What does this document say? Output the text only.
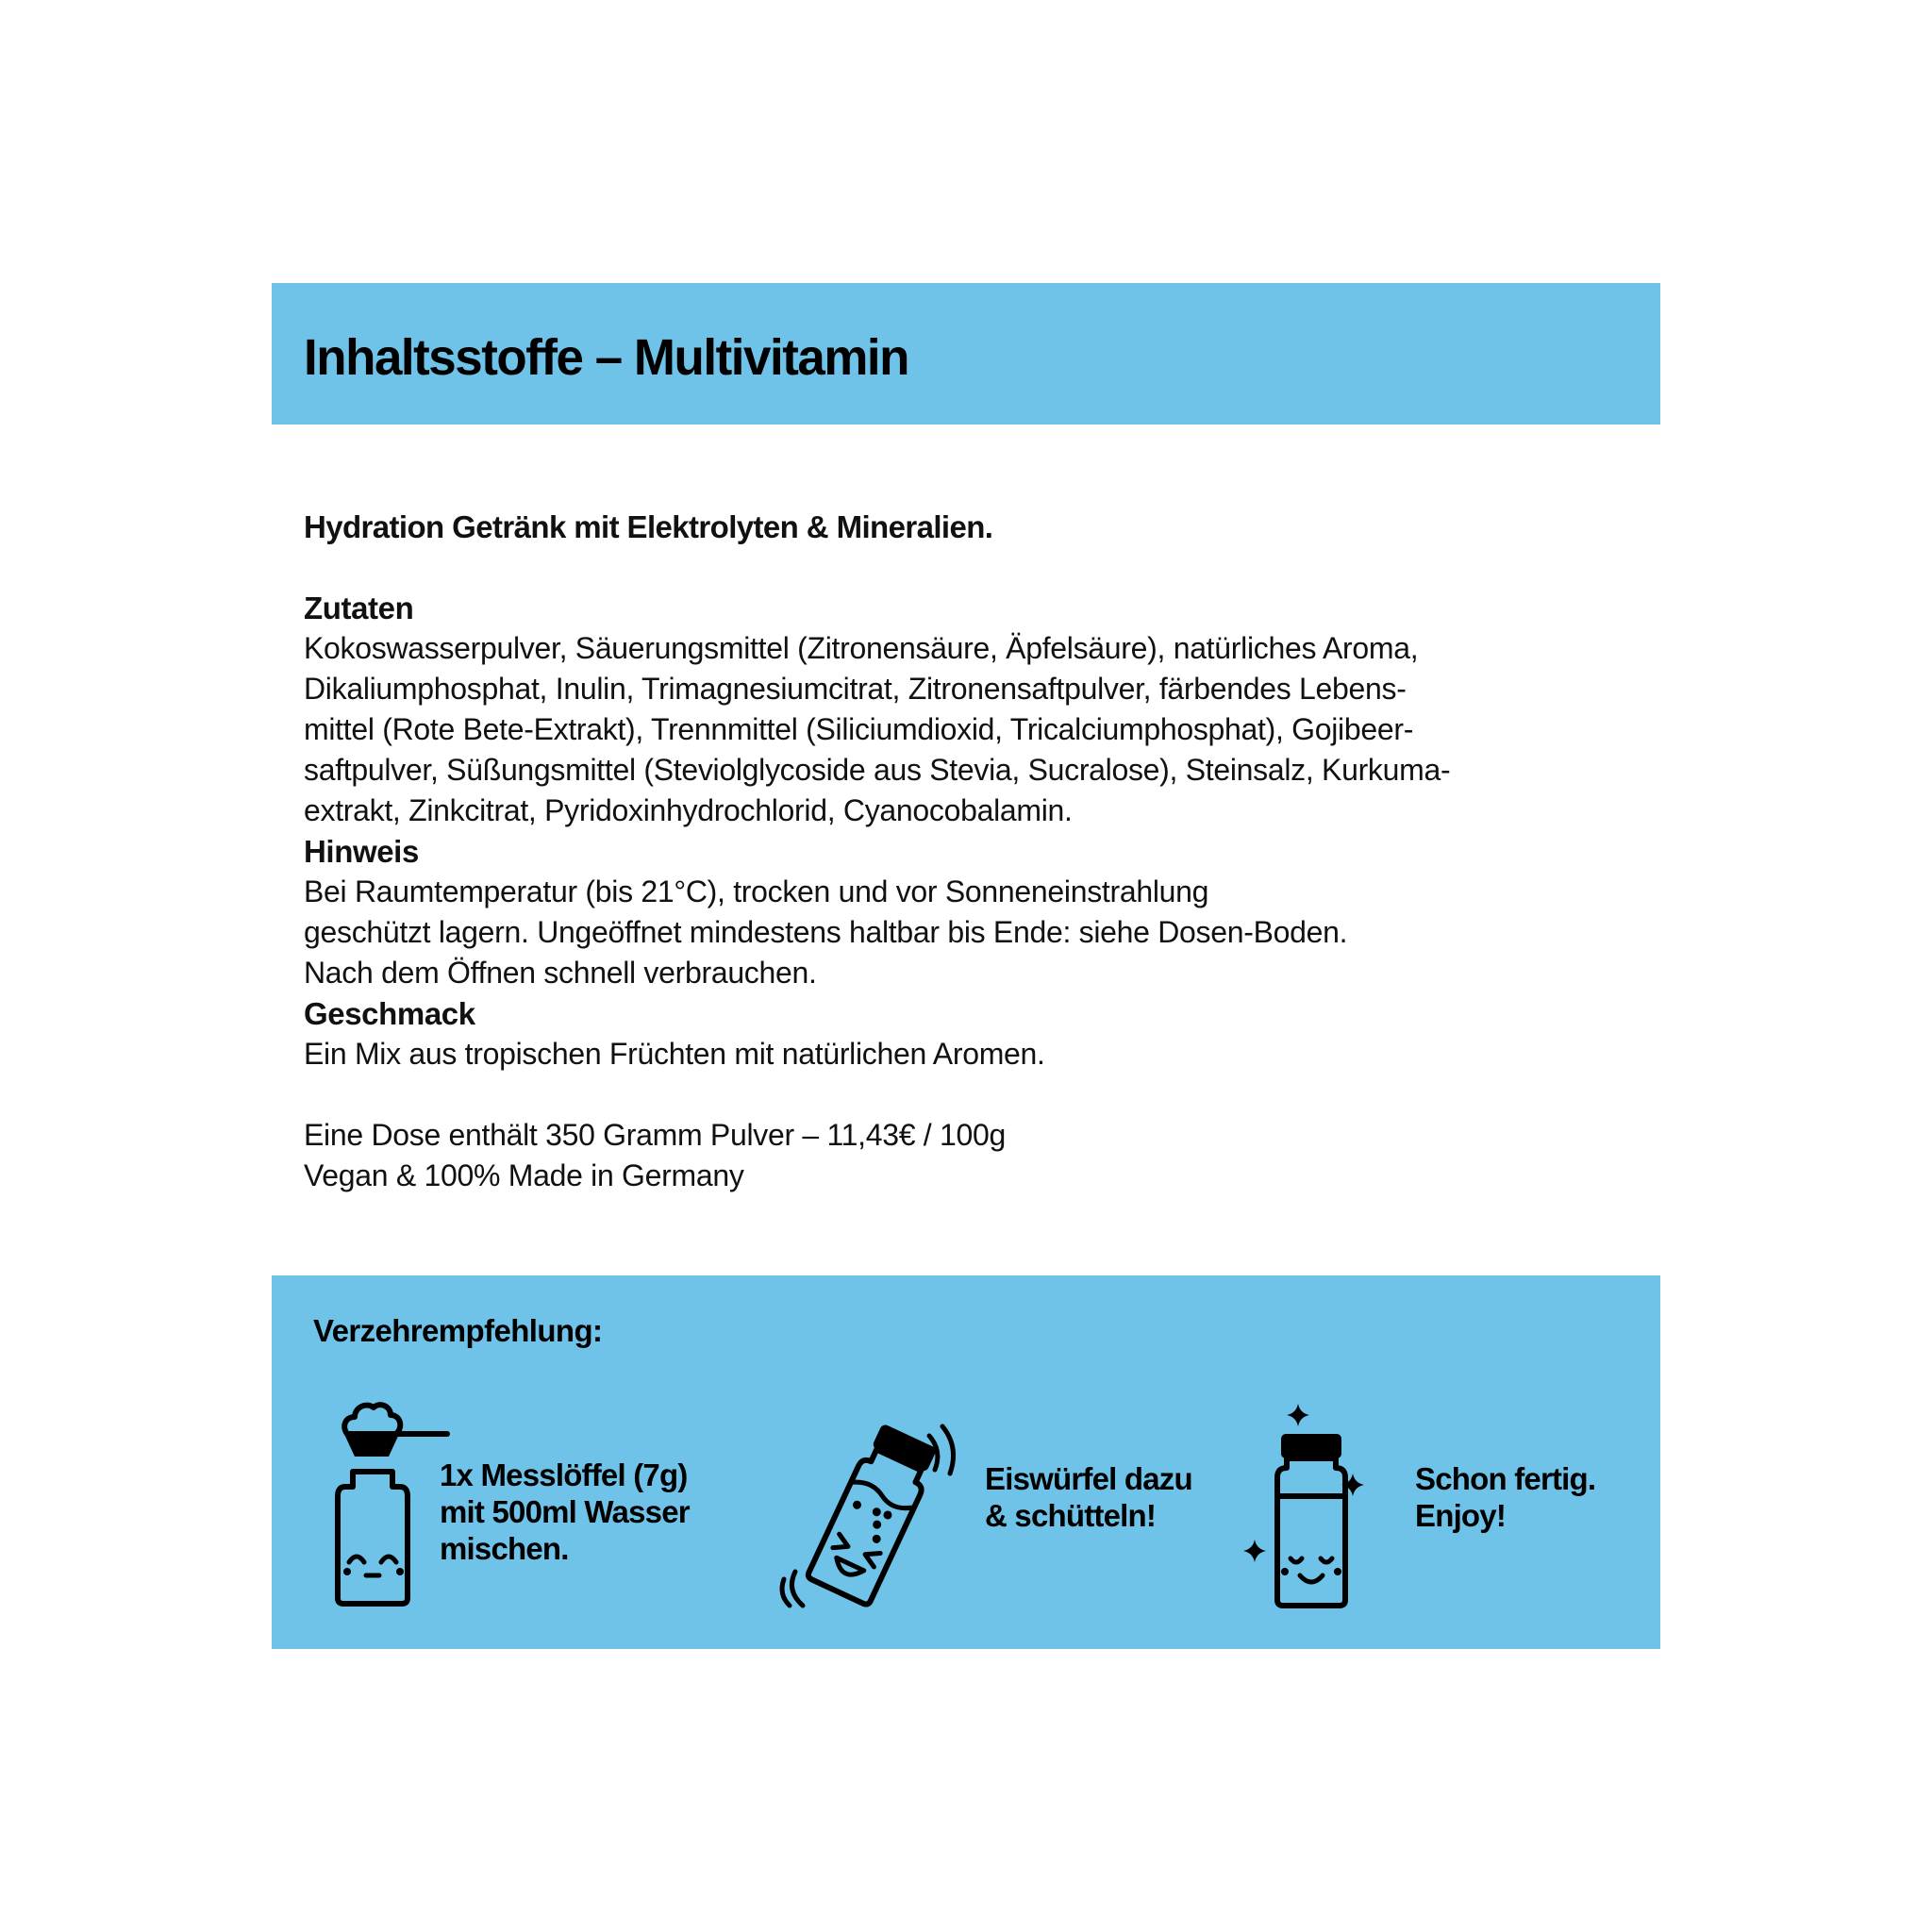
Inhaltsstoffe – Multivitamin

Hydration Getränk mit Elektrolyten & Mineralien.

Zutaten

Kokoswasserpulver, Säuerungsmittel (Zitronensäure, Äpfelsäure), natürliches Aroma,

Dikaliumphosphat, Inulin, Trimagnesiumcitrat, Zitronensaftpulver, färbendes Lebens-

mittel (Rote Bete-Extrakt), Trennmittel (Siliciumdioxid, Tricalciumphosphat), Gojibeer-

saftpulver, Süßungsmittel (Steviolglycoside aus Stevia, Sucralose), Steinsalz, Kurkuma-

extrakt, Zinkcitrat, Pyridoxinhydrochlorid, Cyanocobalamin.

Hinweis

Bei Raumtemperatur (bis 21°C), trocken und vor Sonneneinstrahlung

geschützt lagern. Ungeöffnet mindestens haltbar bis Ende: siehe Dosen-Boden.

Nach dem Öffnen schnell verbrauchen.

Geschmack

Ein Mix aus tropischen Früchten mit natürlichen Aromen.

Eine Dose enthält 350 Gramm Pulver – 11,43€ / 100g

Vegan & 100% Made in Germany

Verzehrempfehlung:
1x Messlöffel (7g)
mit 500ml Wasser
mischen.
Eiswürfel dazu
& schütteln!
Schon fertig.
Enjoy!
